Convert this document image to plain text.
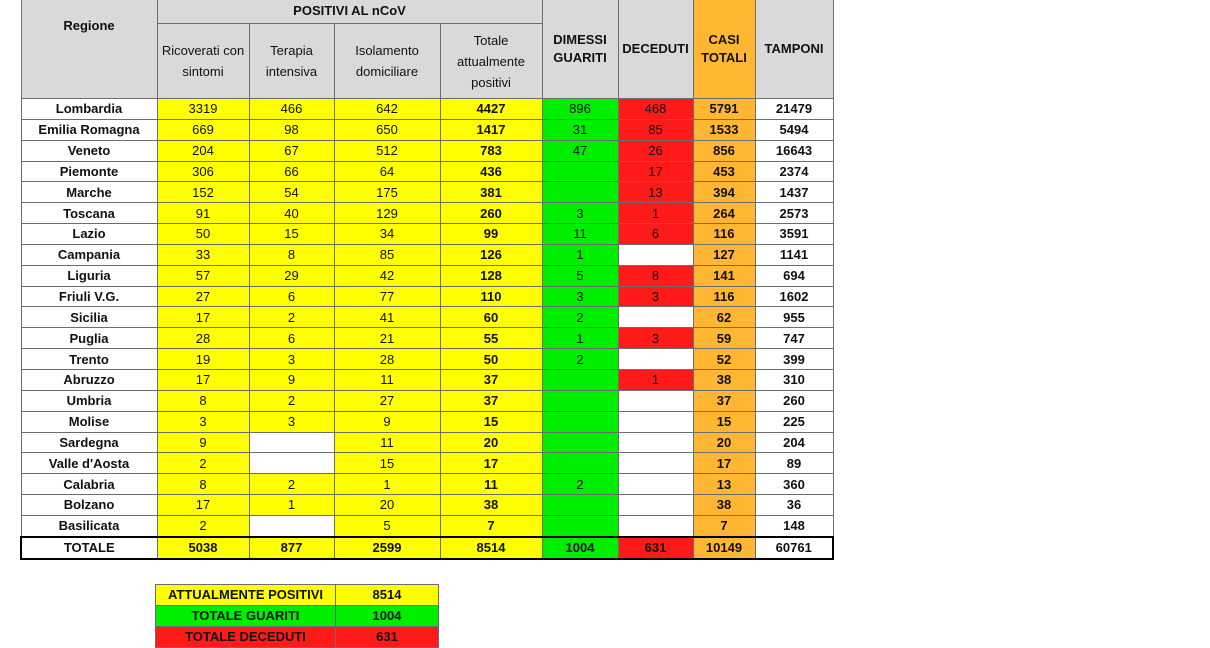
Regione	POSITIVI AL nCoV				DIMESSI GUARITI	DECEDUTI	CASI TOTALI	TAMPONI
	Ricoverati con sintomi	Terapia intensiva	Isolamento domiciliare	Totale attualmente positivi				
Lombardia	3319	466	642	4427	896	468	5791	21479
Emilia Romagna	669	98	650	1417	31	85	1533	5494
Veneto	204	67	512	783	47	26	856	16643
Piemonte	306	66	64	436		17	453	2374
Marche	152	54	175	381		13	394	1437
Toscana	91	40	129	260	3	1	264	2573
Lazio	50	15	34	99	11	6	116	3591
Campania	33	8	85	126	1		127	1141
Liguria	57	29	42	128	5	8	141	694
Friuli V.G.	27	6	77	110	3	3	116	1602
Sicilia	17	2	41	60	2		62	955
Puglia	28	6	21	55	1	3	59	747
Trento	19	3	28	50	2		52	399
Abruzzo	17	9	11	37		1	38	310
Umbria	8	2	27	37			37	260
Molise	3	3	9	15			15	225
Sardegna	9		11	20			20	204
Valle d'Aosta	2		15	17			17	89
Calabria	8	2	1	11	2		13	360
Bolzano	17	1	20	38			38	36
Basilicata	2		5	7			7	148
TOTALE	5038	877	2599	8514	1004	631	10149	60761
ATTUALMENTE POSITIVI	8514
TOTALE GUARITI	1004
TOTALE DECEDUTI	631
